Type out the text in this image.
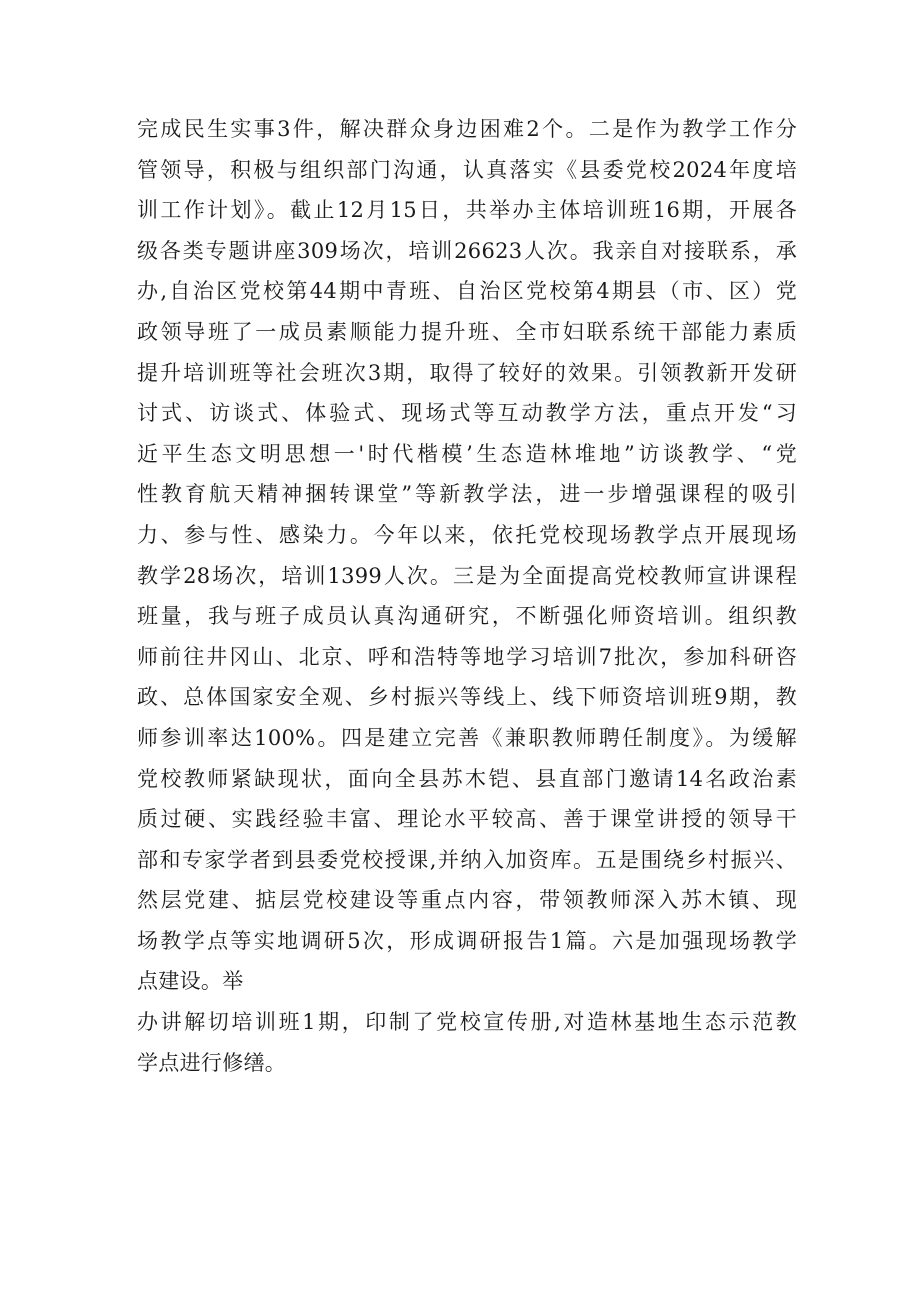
完成民生实事3件，解决群众身边困难2个。二是作为教学工作分
管领导，积极与组织部门沟通，认真落实《县委党校2024年度培
训工作计划》。截止12月15日，共举办主体培训班16期，开展各
级各类专题讲座309场次，培训26623人次。我亲自对接联系，承
办,自治区党校第44期中青班、自治区党校第4期县（市、区）党
政领导班了一成员素顺能力提升班、全市妇联系统干部能力素质
提升培训班等社会班次3期，取得了较好的效果。引领教新开发研
讨式、访谈式、体验式、现场式等互动教学方法，重点开发“习
近平生态文明思想一'时代楷模’生态造林堆地”访谈教学、“党
性教育航天精神捆转课堂”等新教学法，进一步增强课程的吸引
力、参与性、感染力。今年以来，依托党校现场教学点开展现场
教学28场次，培训1399人次。三是为全面提高党校教师宣讲课程
班量，我与班子成员认真沟通研究，不断强化师资培训。组织教
师前往井冈山、北京、呼和浩特等地学习培训7批次，参加科研咨
政、总体国家安全观、乡村振兴等线上、线下师资培训班9期，教
师参训率达100%。四是建立完善《兼职教师聘任制度》。为缓解
党校教师紧缺现状，面向全县苏木铠、县直部门邀请14名政治素
质过硬、实践经验丰富、理论水平较高、善于课堂讲授的领导干
部和专家学者到县委党校授课,并纳入加资库。五是围绕乡村振兴、
然层党建、掂层党校建设等重点内容，带领教师深入苏木镇、现
场教学点等实地调研5次，形成调研报告1篇。六是加强现场教学
点建设。举
办讲解切培训班1期，印制了党校宣传册,对造林基地生态示范教
学点进行修缮。
